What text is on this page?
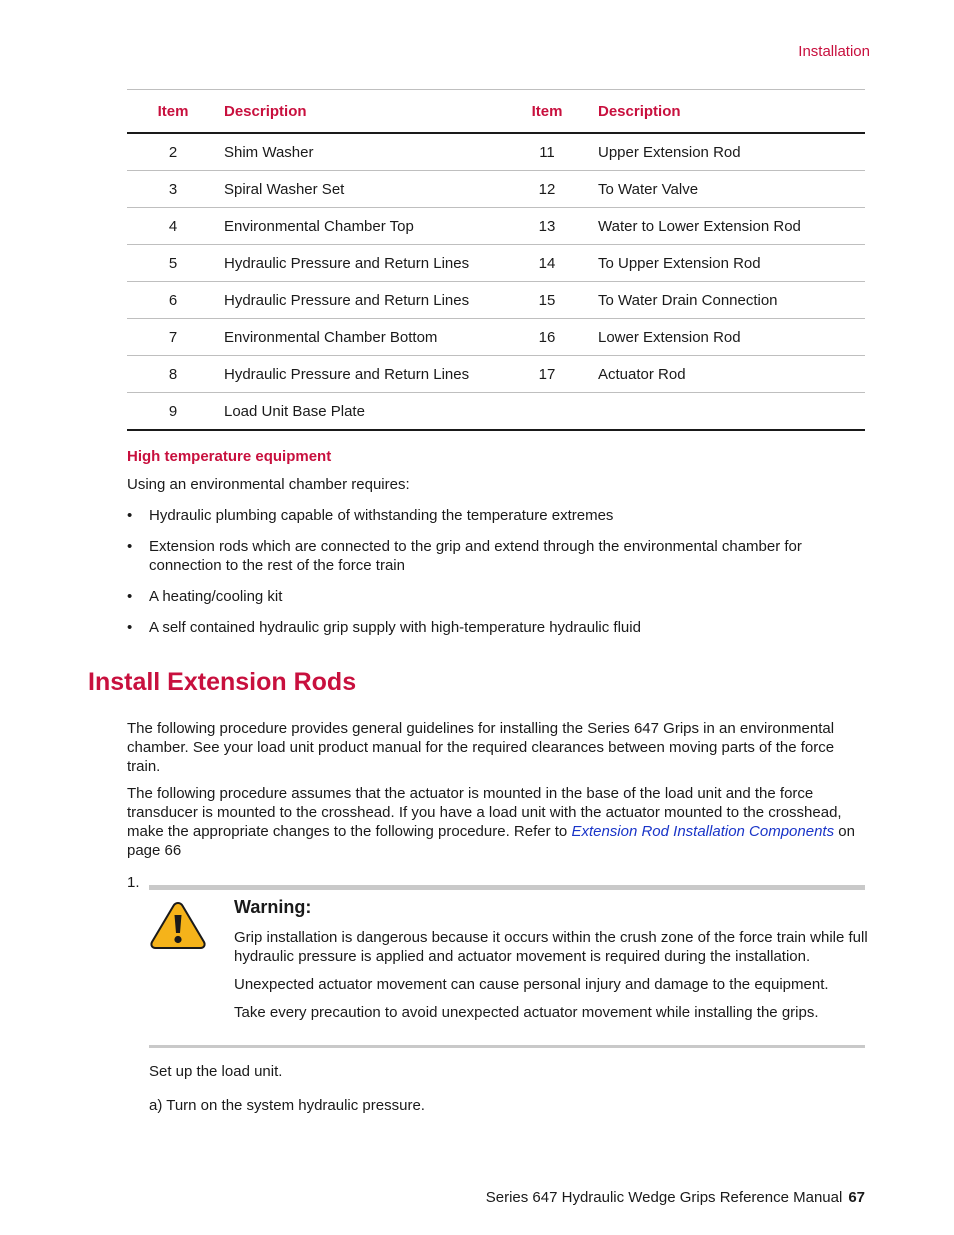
Installation
Item	Description	Item	Description
2	Shim Washer	11	Upper Extension Rod
3	Spiral Washer Set	12	To Water Valve
4	Environmental Chamber Top	13	Water to Lower Extension Rod
5	Hydraulic Pressure and Return Lines	14	To Upper Extension Rod
6	Hydraulic Pressure and Return Lines	15	To Water Drain Connection
7	Environmental Chamber Bottom	16	Lower Extension Rod
8	Hydraulic Pressure and Return Lines	17	Actuator Rod
9	Load Unit Base Plate		
High temperature equipment
Using an environmental chamber requires:
• Hydraulic plumbing capable of withstanding the temperature extremes
• Extension rods which are connected to the grip and extend through the environmental chamber for connection to the rest of the force train
• A heating/cooling kit
• A self contained hydraulic grip supply with high-temperature hydraulic fluid
Install Extension Rods

The following procedure provides general guidelines for installing the Series 647 Grips in an environmental chamber. See your load unit product manual for the required clearances between moving parts of the force train.

The following procedure assumes that the actuator is mounted in the base of the load unit and the force transducer is mounted to the crosshead. If you have a load unit with the actuator mounted to the crosshead, make the appropriate changes to the following procedure. Refer to Extension Rod Installation Components on page 66

1.
Warning:

Grip installation is dangerous because it occurs within the crush zone of the force train while full hydraulic pressure is applied and actuator movement is required during the installation.

Unexpected actuator movement can cause personal injury and damage to the equipment.

Take every precaution to avoid unexpected actuator movement while installing the grips.

Set up the load unit.
a) Turn on the system hydraulic pressure.
Series 647 Hydraulic Wedge Grips Reference Manual 67
